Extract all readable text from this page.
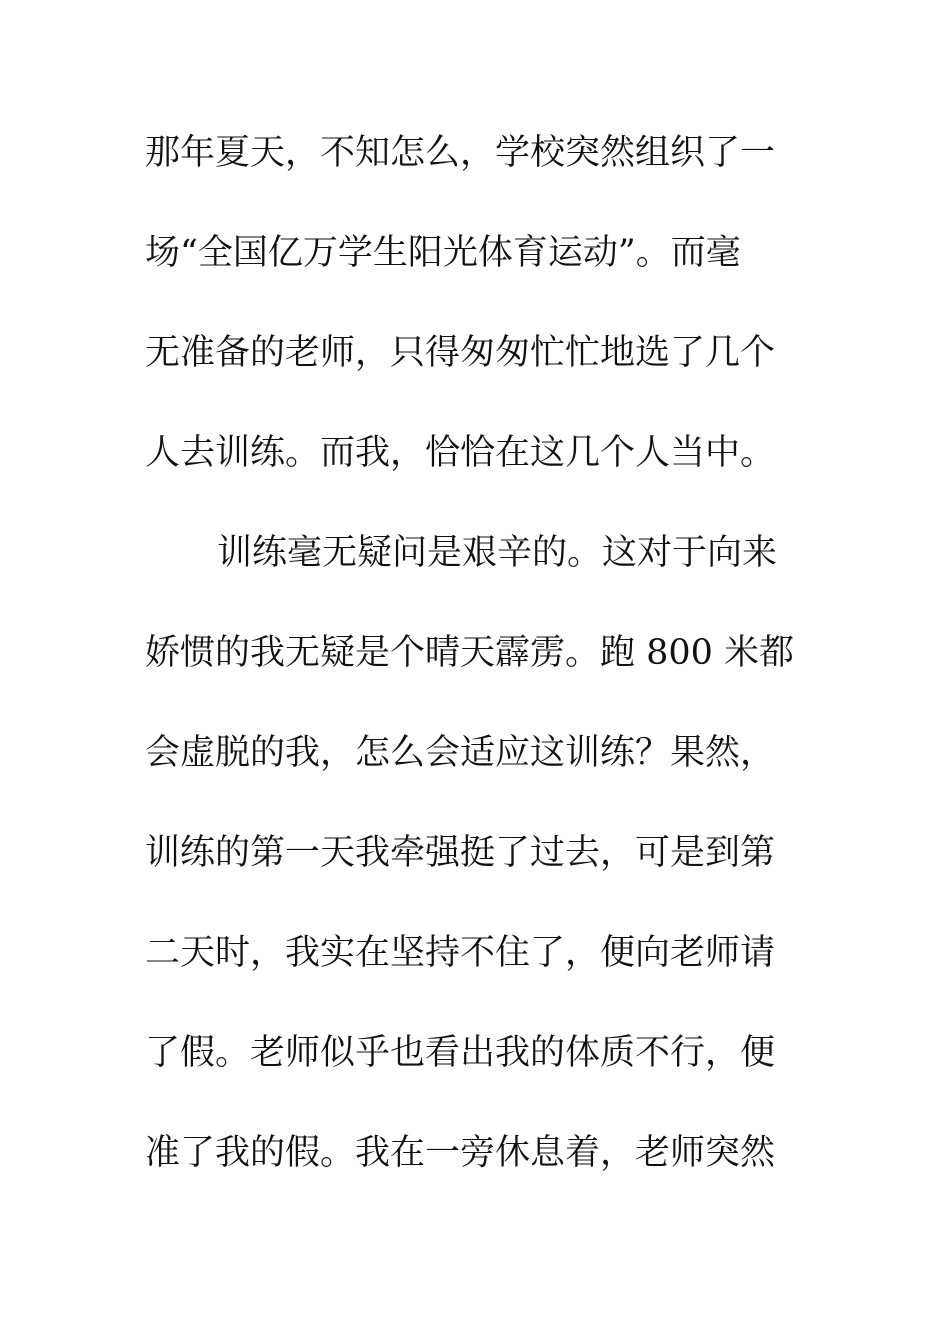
那年夏天，不知怎么，学校突然组织了一
场“全国亿万学生阳光体育运动”。而毫
无准备的老师，只得匆匆忙忙地选了几个
人去训练。而我，恰恰在这几个人当中。
训练毫无疑问是艰辛的。这对于向来
娇惯的我无疑是个晴天霹雳。跑 800 米都
会虚脱的我，怎么会适应这训练？果然，
训练的第一天我牵强挺了过去，可是到第
二天时，我实在坚持不住了，便向老师请
了假。老师似乎也看出我的体质不行，便
准了我的假。我在一旁休息着，老师突然
